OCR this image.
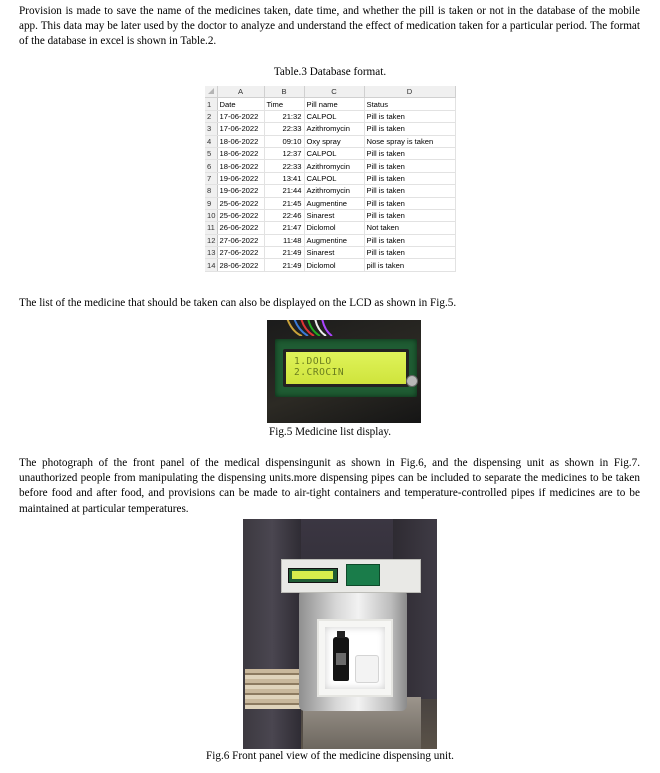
Provision is made to save the name of the medicines taken, date time, and whether the pill is taken or not in the database of the mobile app. This data may be later used by the doctor to analyze and understand the effect of medication taken for a particular period. The format of the database in excel is shown in Table.2.

Table.3 Database format.

	A	B	C	D
1	Date	Time	Pill name	Status
2	17-06-2022	21:32	CALPOL	Pill is taken
3	17-06-2022	22:33	Azithromycin	Pill is taken
4	18-06-2022	09:10	Oxy spray	Nose spray is taken
5	18-06-2022	12:37	CALPOL	Pill is taken
6	18-06-2022	22:33	Azithromycin	Pill is taken
7	19-06-2022	13:41	CALPOL	Pill is taken
8	19-06-2022	21:44	Azithromycin	Pill is taken
9	25-06-2022	21:45	Augmentine	Pill is taken
10	25-06-2022	22:46	Sinarest	Pill is taken
11	26-06-2022	21:47	Diclomol	Not taken
12	27-06-2022	11:48	Augmentine	Pill is taken
13	27-06-2022	21:49	Sinarest	Pill is taken
14	28-06-2022	21:49	Diclomol	pill is taken

The list of the medicine that should be taken can also be displayed on the LCD as shown in Fig.5.

1.DOLO
2.CROCIN

Fig.5 Medicine list display.

The photograph of the front panel of the medical dispensingunit as shown in Fig.6, and the dispensing unit as shown in Fig.7. unauthorized people from manipulating the dispensing units.more dispensing pipes can be included to separate the medicines to be taken before food and after food, and provisions can be made to air-tight containers and temperature-controlled pipes if medicines are to be maintained at particular temperatures.

Fig.6 Front panel view of the medicine dispensing unit.
